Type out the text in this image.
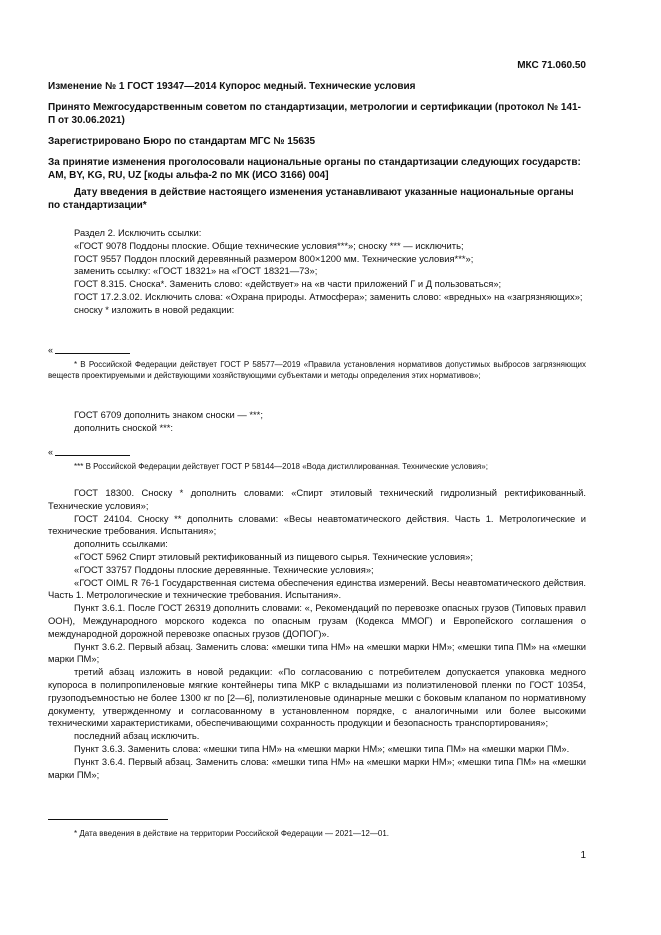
МКС 71.060.50

Изменение № 1 ГОСТ 19347—2014 Купорос медный. Технические условия

Принято Межгосударственным советом по стандартизации, метрологии и сертификации (протокол № 141-П от 30.06.2021)

Зарегистрировано Бюро по стандартам МГС № 15635

За принятие изменения проголосовали национальные органы по стандартизации следующих государств: AM, BY, KG, RU, UZ [коды альфа-2 по МК (ИСО 3166) 004]

Дату введения в действие настоящего изменения устанавливают указанные национальные органы по стандартизации*

Раздел 2. Исключить ссылки:

«ГОСТ 9078 Поддоны плоские. Общие технические условия***»; сноску *** — исключить;

ГОСТ 9557 Поддон плоский деревянный размером 800×1200 мм. Технические условия***»;

заменить ссылку: «ГОСТ 18321» на «ГОСТ 18321—73»;

ГОСТ 8.315. Сноска*. Заменить слово: «действует» на «в части приложений Г и Д пользоваться»;

ГОСТ 17.2.3.02. Исключить слова: «Охрана природы. Атмосфера»; заменить слово: «вредных» на «загрязняющих»;

сноску * изложить в новой редакции:

«

* В Российской Федерации действует ГОСТ Р 58577—2019 «Правила установления нормативов допустимых выбросов загрязняющих веществ проектируемыми и действующими хозяйствующими субъектами и методы определения этих нормативов»;

ГОСТ 6709 дополнить знаком сноски — ***;

дополнить сноской ***:

«

*** В Российской Федерации действует ГОСТ Р 58144—2018 «Вода дистиллированная. Технические условия»;

ГОСТ 18300. Сноску * дополнить словами: «Спирт этиловый технический гидролизный ректификованный. Технические условия»;

ГОСТ 24104. Сноску ** дополнить словами: «Весы неавтоматического действия. Часть 1. Метрологические и технические требования. Испытания»;

дополнить ссылками:

«ГОСТ 5962 Спирт этиловый ректификованный из пищевого сырья. Технические условия»;

«ГОСТ 33757 Поддоны плоские деревянные. Технические условия»;

«ГОСТ OIML R 76-1 Государственная система обеспечения единства измерений. Весы неавтоматического действия. Часть 1. Метрологические и технические требования. Испытания».

Пункт 3.6.1. После ГОСТ 26319 дополнить словами: «, Рекомендаций по перевозке опасных грузов (Типовых правил ООН), Международного морского кодекса по опасным грузам (Кодекса ММОГ) и Европейского соглашения о международной дорожной перевозке опасных грузов (ДОПОГ)».

Пункт 3.6.2. Первый абзац. Заменить слова: «мешки типа НМ» на «мешки марки НМ»; «мешки типа ПМ» на «мешки марки ПМ»;

третий абзац изложить в новой редакции: «По согласованию с потребителем допускается упаковка медного купороса в полипропиленовые мягкие контейнеры типа МКР с вкладышами из полиэтиленовой пленки по ГОСТ 10354, грузоподъемностью не более 1300 кг по [2—6], полиэтиленовые одинарные мешки с боковым клапаном по нормативному документу, утвержденному и согласованному в установленном порядке, с аналогичными или более высокими техническими характеристиками, обеспечивающими сохранность продукции и безопасность транспортирования»;

последний абзац исключить.

Пункт 3.6.3. Заменить слова: «мешки типа НМ» на «мешки марки НМ»; «мешки типа ПМ» на «мешки марки ПМ».

Пункт 3.6.4. Первый абзац. Заменить слова: «мешки типа НМ» на «мешки марки НМ»; «мешки типа ПМ» на «мешки марки ПМ»;

* Дата введения в действие на территории Российской Федерации — 2021—12—01.

1
